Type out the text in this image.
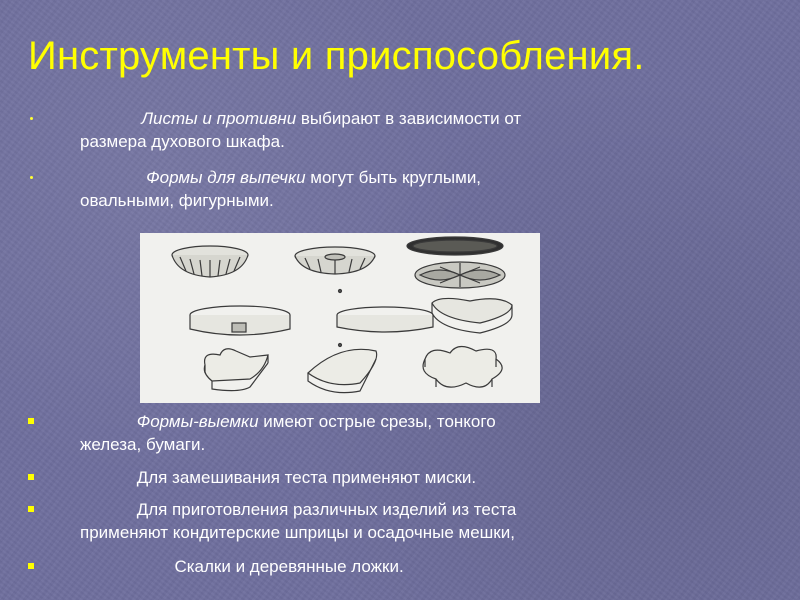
Инструменты и приспособления.
Листы и противни выбирают в зависимости от
размера духового шкафа.
Формы для выпечки могут быть круглыми,
овальными, фигурными.
Формы-выемки имеют острые срезы, тонкого
железа, бумаги.
Для замешивания теста применяют миски.
Для приготовления различных изделий из теста
применяют кондитерские шприцы и осадочные мешки,
Скалки и деревянные ложки.
